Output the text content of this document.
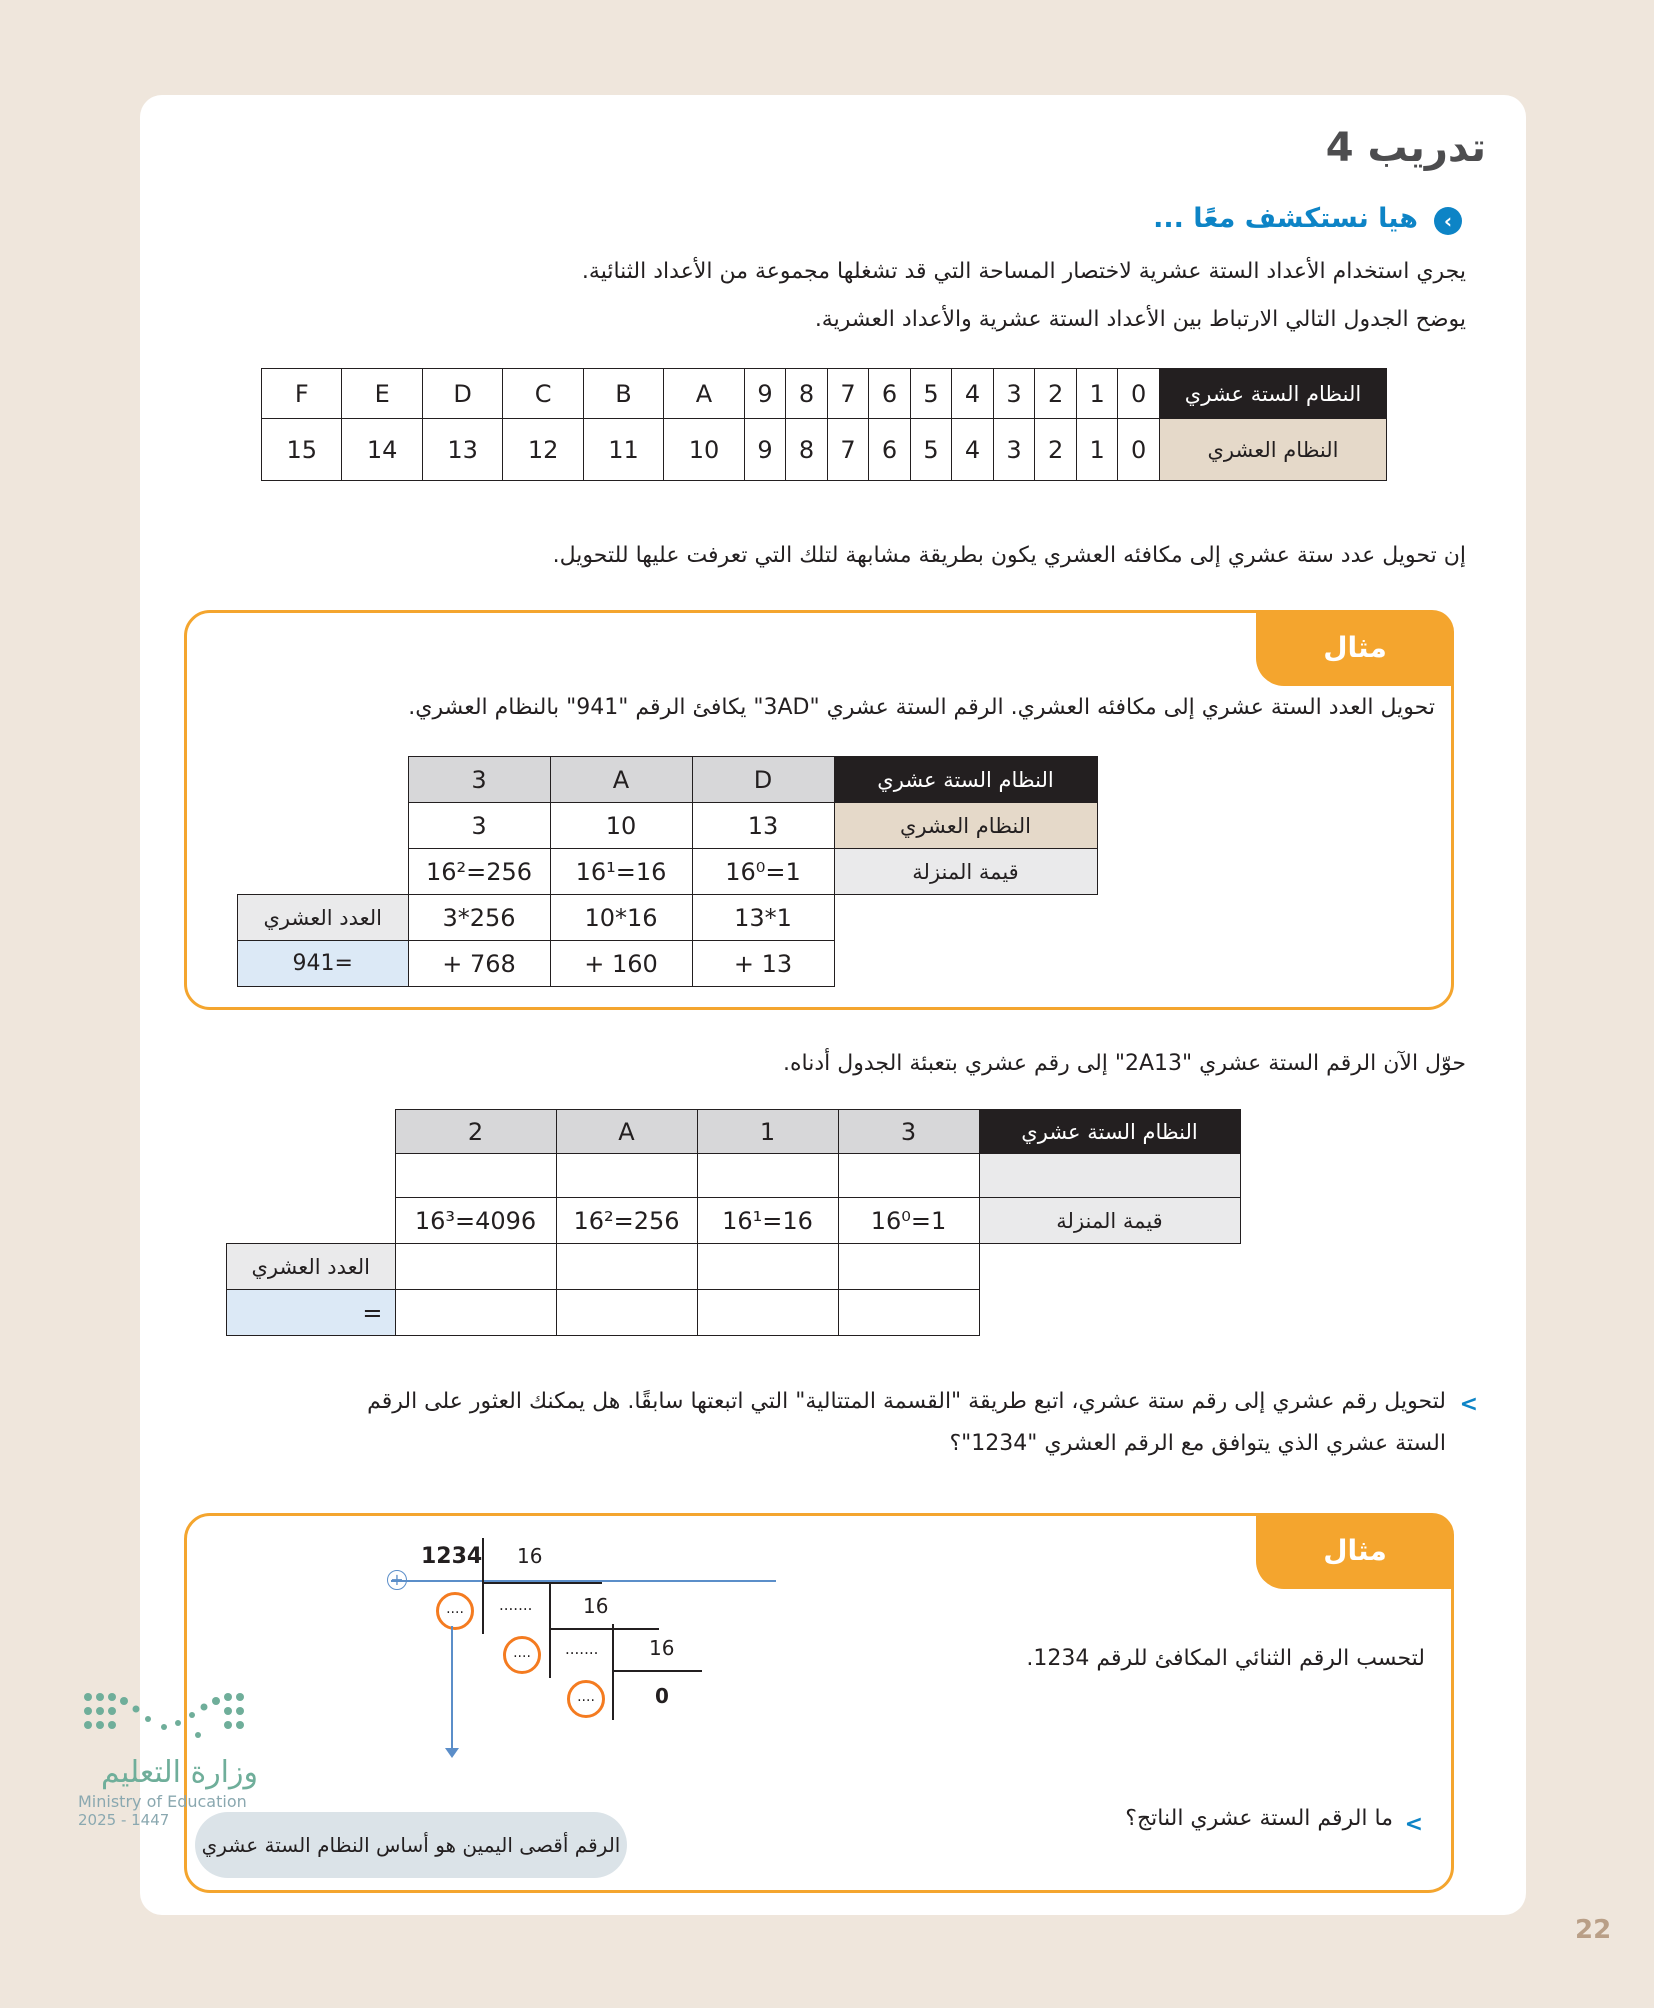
تدريب 4
‹
هيا نستكشف معًا ...
يجري استخدام الأعداد الستة عشرية لاختصار المساحة التي قد تشغلها مجموعة من الأعداد الثنائية.
يوضح الجدول التالي الارتباط بين الأعداد الستة عشرية والأعداد العشرية.
F	E	D	C	B	A	9	8	7	6	5	4	3	2	1	0	النظام الستة عشري
15	14	13	12	11	10	9	8	7	6	5	4	3	2	1	0	النظام العشري
إن تحويل عدد ستة عشري إلى مكافئه العشري يكون بطريقة مشابهة لتلك التي تعرفت عليها للتحويل.
مثال
تحويل العدد الستة عشري إلى مكافئه العشري. الرقم الستة عشري "3AD" يكافئ الرقم "941" بالنظام العشري.
	3	A	D	النظام الستة عشري
	3	10	13	النظام العشري
	16²=256	16¹=16	16⁰=1	قيمة المنزلة
العدد العشري	3*256	10*16	13*1	
941=	+ 768	+ 160	+ 13	
حوّل الآن الرقم الستة عشري "2A13" إلى رقم عشري بتعبئة الجدول أدناه.
	2	A	1	3	النظام الستة عشري

	16³=4096	16²=256	16¹=16	16⁰=1	قيمة المنزلة
العدد العشري					
=					
<
لتحويل رقم عشري إلى رقم ستة عشري، اتبع طريقة "القسمة المتتالية" التي اتبعتها سابقًا. هل يمكنك العثور على الرقم
الستة عشري الذي يتوافق مع الرقم العشري "1234"؟
مثال
لتحسب الرقم الثنائي المكافئ للرقم 1234.
<
ما الرقم الستة عشري الناتج؟
+
1234 16
....	.......	16
....	.......	16
....	0
الرقم أقصى اليمين هو أساس النظام الستة عشري
وزارة التعليم
Ministry of Education
2025 - 1447
22
